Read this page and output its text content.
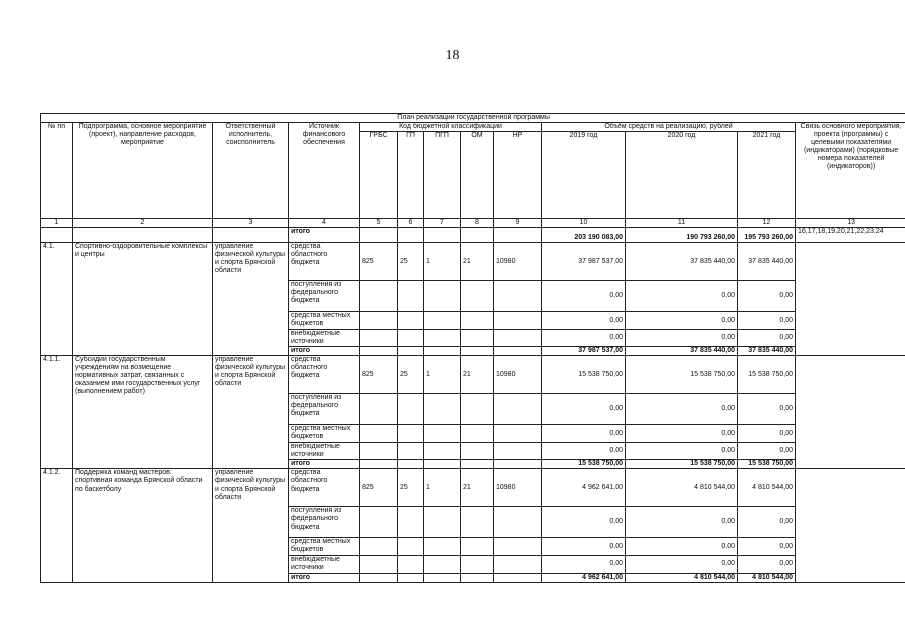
18
План реализации государственной программы												
№ пп	Подпрограмма, основное мероприятие (проект), направление расходов, мероприятие	Ответственный исполнитель, соисполнитель	Источник финансового обеспечения	Код бюджетной классификации					Объём средств на реализацию, рублей			Связь основного мероприятия, проекта (программы) с целевыми показателями (индикаторами) (порядковые номера показателей (индикаторов))
				ГРБС	ГП	ПГП	ОМ	НР	2019 год	2020 год	2021 год	
1	2	3	4	5	6	7	8	9	10	11	12	13
			итого						203 190 083,00	190 793 260,00	195 793 260,00	16,17,18,19,20,21,22,23,24
4.1.	Спортивно-оздоровительные комплексы и центры	управление физической культуры и спорта Брянской области	средства областного бюджета	825	25	1	21	10980	37 987 537,00	37 835 440,00	37 835 440,00	
			поступления из федерального бюджета						0,00	0,00	0,00	
			средства местных бюджетов						0,00	0,00	0,00	
			внебюджетные источники						0,00	0,00	0,00	
			итого						37 987 537,00	37 835 440,00	37 835 440,00	
4.1.1.	Субсидии государственным учреждениям на возмещение нормативных затрат, связанных с оказанием ими государственных услуг (выполнением работ)	управление физической культуры и спорта Брянской области	средства областного бюджета	825	25	1	21	10980	15 538 750,00	15 538 750,00	15 538 750,00	
			поступления из федерального бюджета						0,00	0,00	0,00	
			средства местных бюджетов						0,00	0,00	0,00	
			внебюджетные источники						0,00	0,00	0,00	
			итого						15 538 750,00	15 538 750,00	15 538 750,00	
4.1.2.	Поддержка команд мастеров: спортивная команда Брянской области по баскетболу	управление физической культуры и спорта Брянской области	средства областного бюджета	825	25	1	21	10980	4 962 641,00	4 810 544,00	4 810 544,00	
			поступления из федерального бюджета						0,00	0,00	0,00	
			средства местных бюджетов						0,00	0,00	0,00	
			внебюджетные источники						0,00	0,00	0,00	
			итого						4 962 641,00	4 810 544,00	4 810 544,00	
